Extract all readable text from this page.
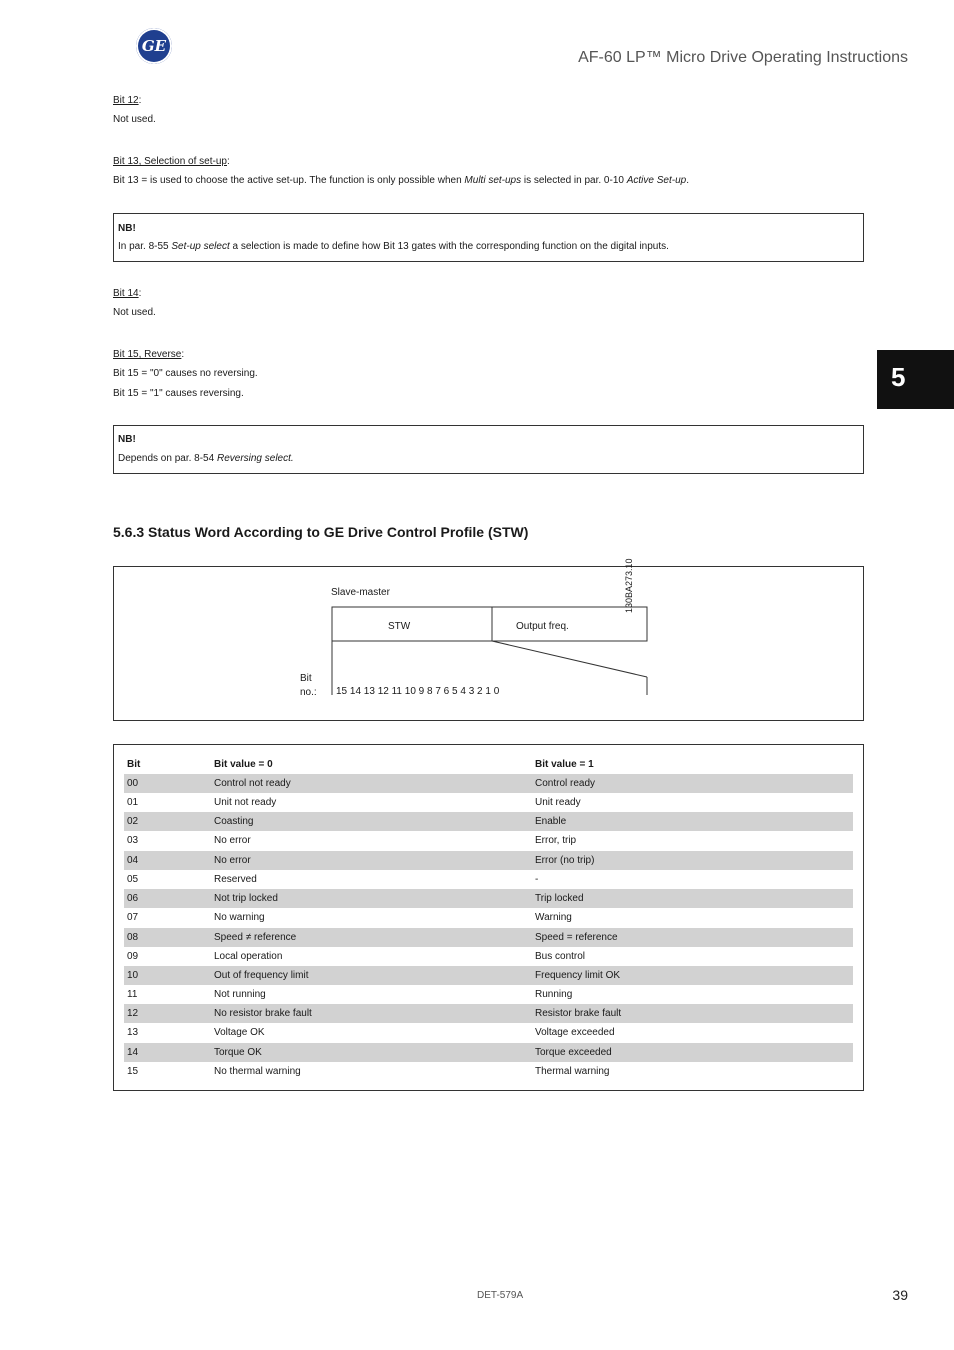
GE
AF-60 LP™ Micro Drive Operating Instructions
5
Bit 12:
Not used.
Bit 13, Selection of set-up:
Bit 13 = is used to choose the active set-up. The function is only possible when Multi set-ups is selected in par. 0-10 Active Set-up.
NB!
In par. 8-55 Set-up select a selection is made to define how Bit 13 gates with the corresponding function on the digital inputs.
Bit 14:
Not used.
Bit 15, Reverse:
Bit 15 = "0" causes no reversing.
Bit 15 = "1" causes reversing.
NB!
Depends on par. 8-54 Reversing select.
5.6.3 Status Word According to GE Drive Control Profile (STW)
Slave-master
STW	Output freq.
Bit
no.: 15 14 13 12 11 10 9 8 7 6 5 4 3 2 1 0
130BA273.10
Bit	Bit value = 0	Bit value = 1
00	Control not ready	Control ready
01	Unit not ready	Unit ready
02	Coasting	Enable
03	No error	Error, trip
04	No error	Error (no trip)
05	Reserved	-
06	Not trip locked	Trip locked
07	No warning	Warning
08	Speed ≠ reference	Speed = reference
09	Local operation	Bus control
10	Out of frequency limit	Frequency limit OK
11	Not running	Running
12	No resistor brake fault	Resistor brake fault
13	Voltage OK	Voltage exceeded
14	Torque OK	Torque exceeded
15	No thermal warning	Thermal warning
DET-579A	39
